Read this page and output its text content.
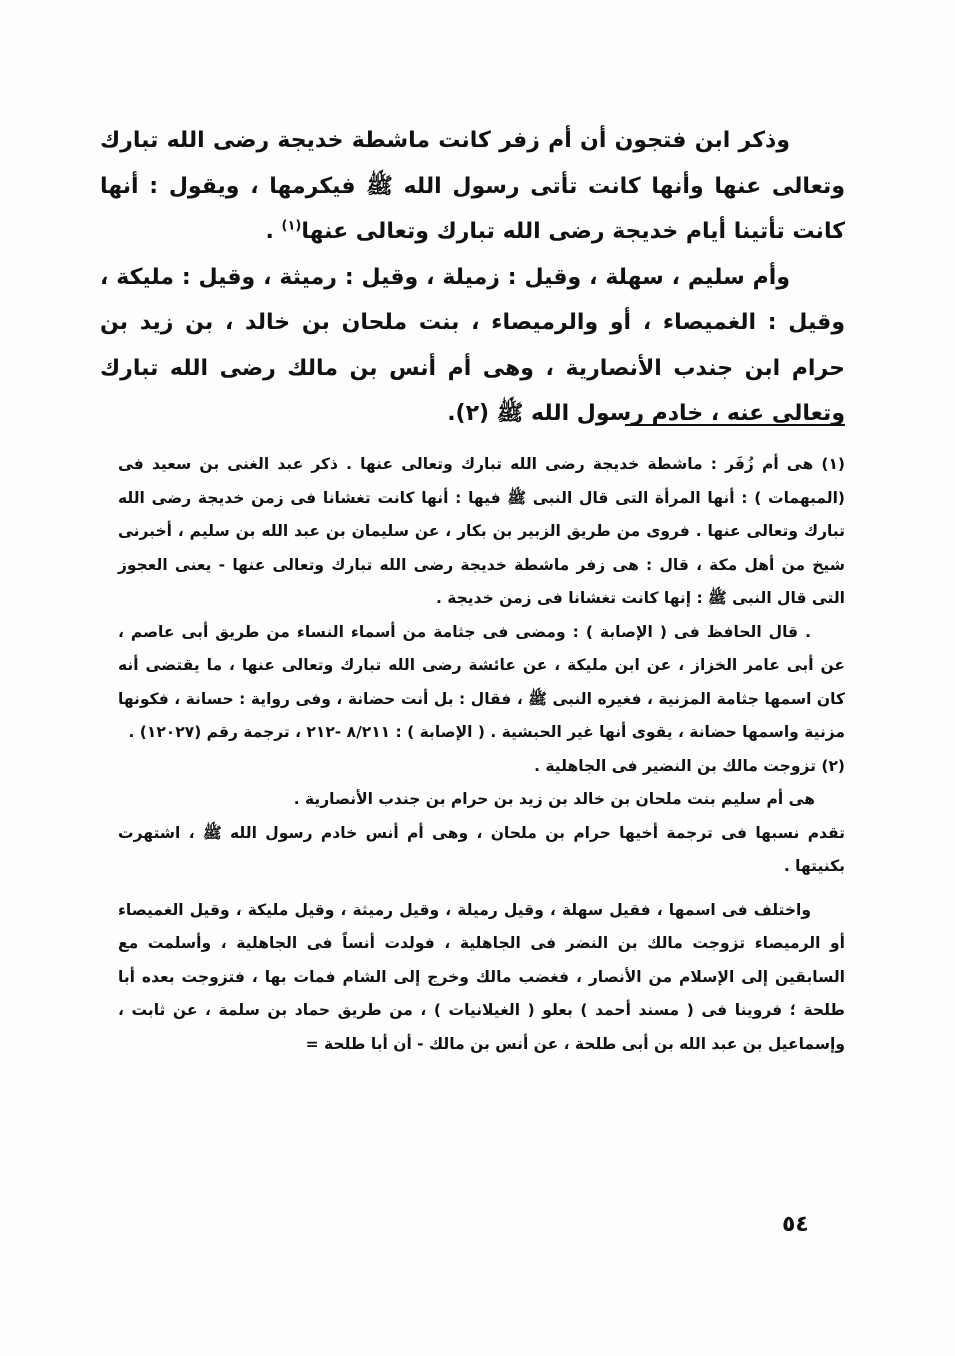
وذكر ابن فتجون أن أم زفر كانت ماشطة خديجة رضى الله تبارك وتعالى عنها وأنها كانت تأتى رسول الله ﷺ فيكرمها ، ويقول : أنها كانت تأتينا أيام خديجة رضى الله تبارك وتعالى عنها$^{(١)}$ .

وأم سليم ، سهلة ، وقيل : زميلة ، وقيل : رميثة ، وقيل : مليكة ، وقيل : الغميصاء ، أو والرميصاء ، بنت ملحان بن خالد ، بن زيد بن حرام ابن جندب الأنصارية ، وهى أم أنس بن مالك رضى الله تبارك وتعالى عنه ، خادم رسول الله ﷺ (٢).

(١) هى أم زُفَر : ماشطة خديجة رضى الله تبارك وتعالى عنها . ذكر عبد الغنى بن سعيد فى (المبهمات ) : أنها المرأة التى قال النبى ﷺ فيها : أنها كانت تغشانا فى زمن خديجة رضى الله تبارك وتعالى عنها . فروى من طريق الزبير بن بكار ، عن سليمان بن عبد الله بن سليم ، أخبرنى شيخ من أهل مكة ، قال : هى زفر ماشطة خديجة رضى الله تبارك وتعالى عنها - يعنى العجوز التى قال النبى ﷺ : إنها كانت تغشانا فى زمن خديجة .

. قال الحافظ فى ( الإصابة ) : ومضى فى جثامة من أسماء النساء من طريق أبى عاصم ، عن أبى عامر الخزاز ، عن ابن مليكة ، عن عائشة رضى الله تبارك وتعالى عنها ، ما يقتضى أنه كان اسمها جثامة المزنية ، فغيره النبى ﷺ ، فقال : بل أنت حضانة ، وفى رواية : حسانة ، فكونها مزنية واسمها حضانة ، يقوى أنها غير الحبشية . ( الإصابة ) : ٨/٢١١ -٢١٢ ، ترجمة رقم (١٢٠٢٧) .

(٢) تزوجت مالك بن النضير فى الجاهلية .

هى أم سليم بنت ملحان بن خالد بن زيد بن حرام بن جندب الأنصارية .

تقدم نسبها فى ترجمة أخيها حرام بن ملحان ، وهى أم أنس خادم رسول الله ﷺ ، اشتهرت بكنيتها .

واختلف فى اسمها ، فقيل سهلة ، وقيل رميلة ، وقيل رميثة ، وقيل مليكة ، وقيل الغميصاء أو الرميصاء تزوجت مالك بن النضر فى الجاهلية ، فولدت أنساً فى الجاهلية ، وأسلمت مع السابقين إلى الإسلام من الأنصار ، فغضب مالك وخرج إلى الشام فمات بها ، فتزوجت بعده أبا طلحة ؛ فروينا فى ( مسند أحمد ) بعلو ( الغيلانيات ) ، من طريق حماد بن سلمة ، عن ثابت ، وإسماعيل بن عبد الله بن أبى طلحة ، عن أنس بن مالك - أن أبا طلحة =

٥٤
